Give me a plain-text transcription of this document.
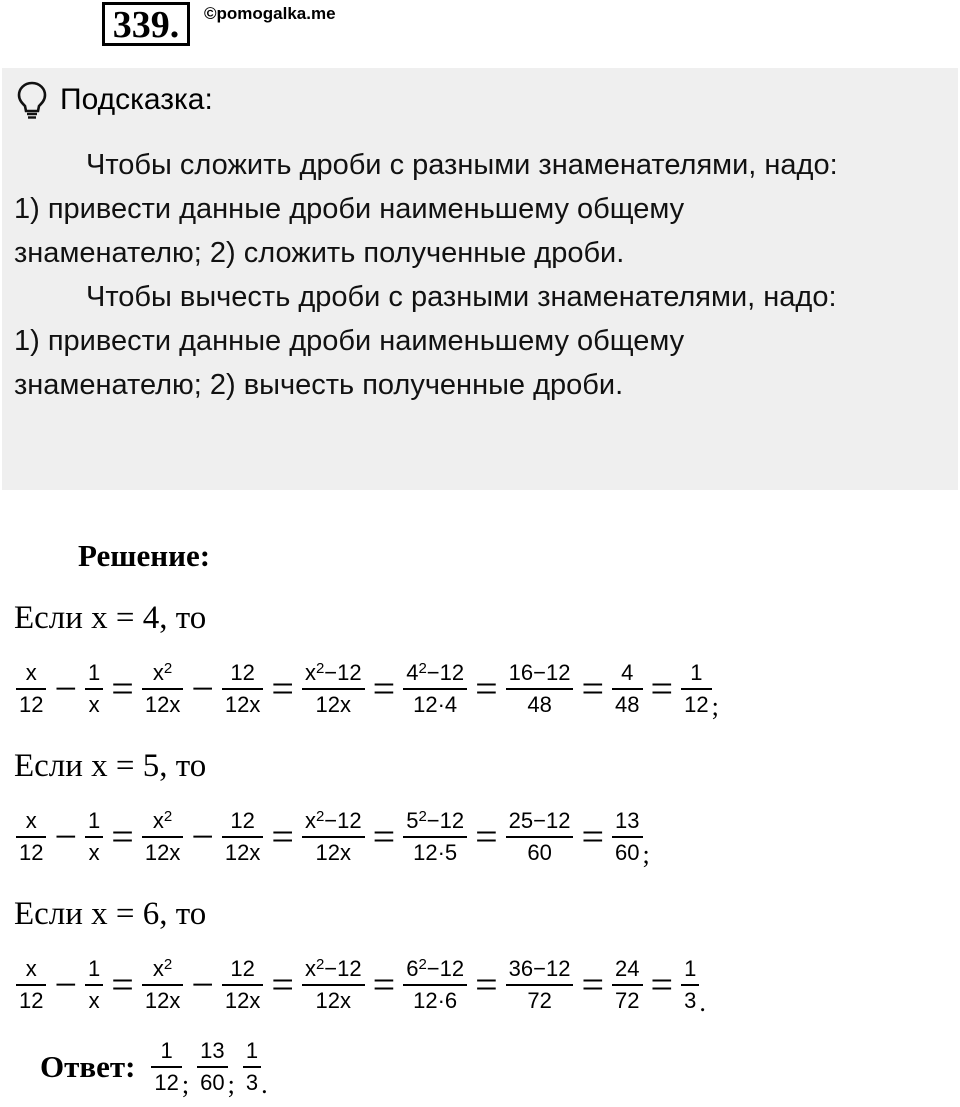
339.	©pomogalka.me
Подсказка:
Чтобы сложить дроби с разными знаменателями, надо:
1) привести данные дроби наименьшему общему
знаменателю; 2) сложить полученные дроби.
Чтобы вычесть дроби с разными знаменателями, надо:
1) привести данные дроби наименьшему общему
знаменателю; 2) вычесть полученные дроби.
Решение:
Если x = 4, то
$\frac{x}{12} - \frac{1}{x} = \frac{x^2}{12x} - \frac{12}{12x} = \frac{x^2-12}{12x} = \frac{4^2-12}{12\cdot 4} = \frac{16-12}{48} = \frac{4}{48} = \frac{1}{12}$ ;
Если x = 5, то
$\frac{x}{12} - \frac{1}{x} = \frac{x^2}{12x} - \frac{12}{12x} = \frac{x^2-12}{12x} = \frac{5^2-12}{12\cdot 5} = \frac{25-12}{60} = \frac{13}{60}$ ;
Если x = 6, то
$\frac{x}{12} - \frac{1}{x} = \frac{x^2}{12x} - \frac{12}{12x} = \frac{x^2-12}{12x} = \frac{6^2-12}{12\cdot 6} = \frac{36-12}{72} = \frac{24}{72} = \frac{1}{3}$ .
Ответ: $\frac{1}{12}$ ; $\frac{13}{60}$ ; $\frac{1}{3}$ .
